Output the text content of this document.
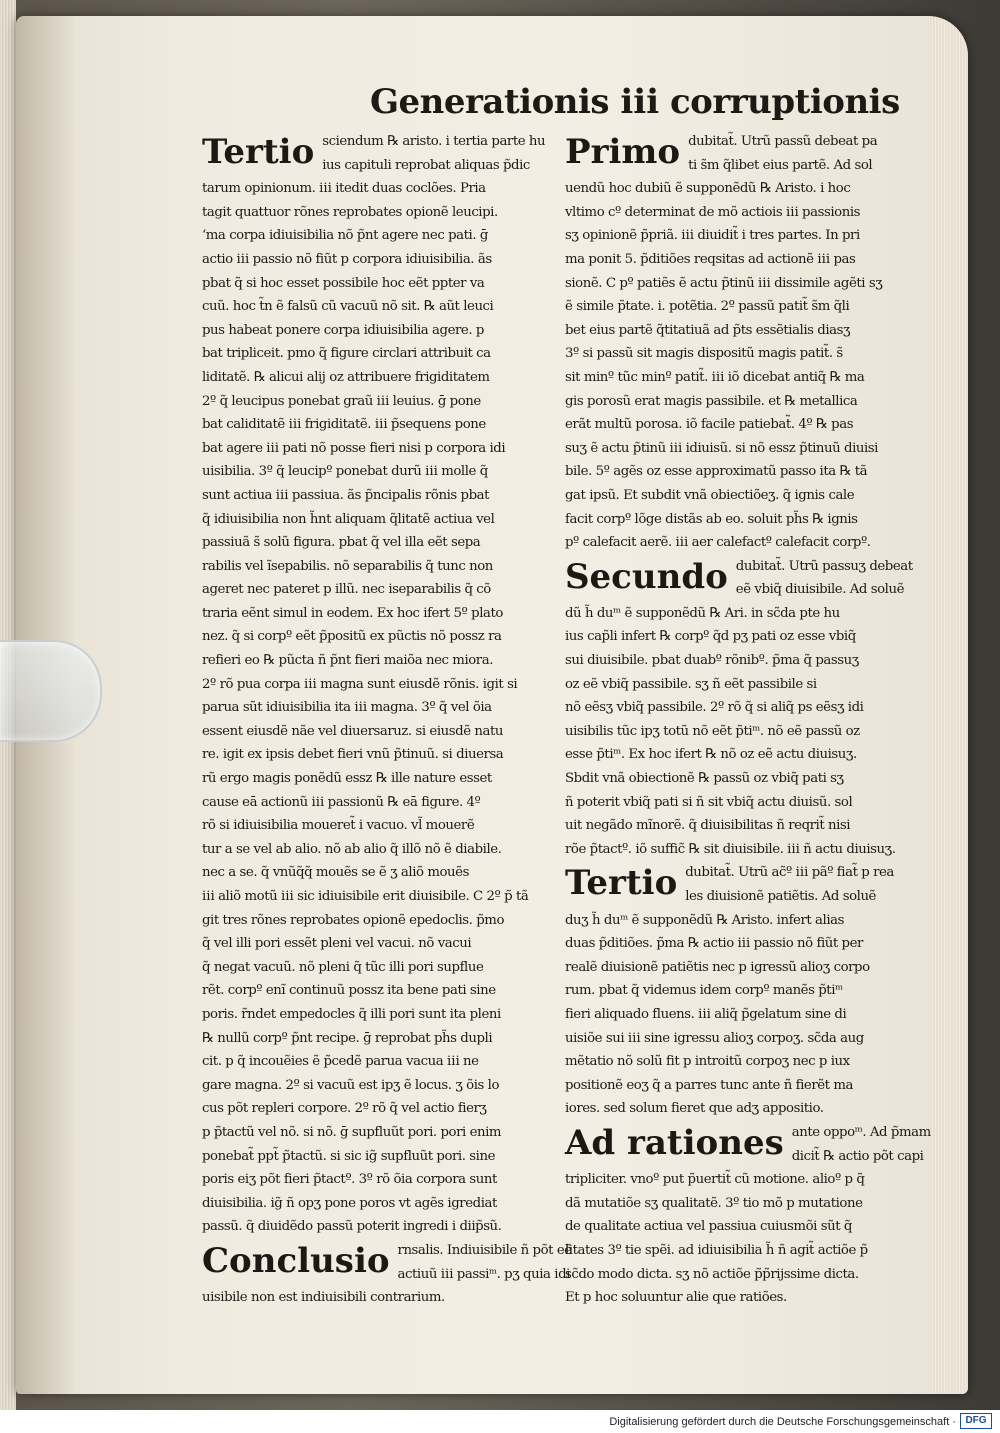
Generationis ⅲ corruptionis
Tertio sciendum ℞ aristo. i tertia parte hu
ius capituli reprobat aliquas p̃dic
tarum opinionum. ⅲ itedit duas coclões. Pria
tagit quattuor rõnes reprobates opionẽ leucipi.
‘ma corpa idiuisibilia nõ p̃nt agere nec pati. ḡ
actio ⅲ passio nõ fiũt p corpora idiuisibilia. ãs
pbat q̃ si hoc esset possibile hoc eẽt ppter va
cuũ. hoc t̃n ẽ falsũ cũ vacuũ nõ sit. ℞ aũt leuci
pus habeat ponere corpa idiuisibilia agere. p
bat tripliceit. pmo q̃ figure circlari attribuit ca
liditatẽ. ℞ alicui alij oz attribuere frigiditatem
2º q̃ leucipus ponebat graũ ⅲ leuius. ḡ pone
bat caliditatẽ ⅲ frigiditatẽ. ⅲ p̃sequens pone
bat agere ⅲ pati nõ posse fieri nisi p corpora idi
uisibilia. 3º q̃ leucipº ponebat durũ ⅲ molle q̃
sunt actiua ⅲ passiua. ãs p̃ncipalis rõnis pbat
q̃ idiuisibilia non h̃nt aliquam q̃litatẽ actiua vel
passiuã s̃ solũ figura. pbat q̃ vel illa eẽt sepa
rabilis vel ĩsepabilis. nõ separabilis q̃ tunc non
ageret nec pateret p illũ. nec iseparabilis q̃ cõ
traria eẽnt simul in eodem. Ex hoc ifert 5º plato
nez. q̃ si corpº eẽt p̃positũ ex pũctis nõ possz ra
refieri eo ℞ pũcta ñ p̃nt fieri maiõa nec miora.
2º rõ pua corpa ⅲ magna sunt eiusdẽ rõnis. igit si
parua sũt idiuisibilia ita ⅲ magna. 3º q̃ vel õia
essent eiusdẽ nãe vel diuersaruz. si eiusdẽ natu
re. igit ex ipsis debet fieri vnũ p̃tinuũ. si diuersa
rũ ergo magis ponẽdũ essz ℞ ille nature esset
cause eā actionũ ⅲ passionũ ℞ eā figure. 4º
rõ si idiuisibilia moueret̃ i vacuo. vl̃ mouerẽ
tur a se vel ab alio. nõ ab alio q̃ illõ nõ ẽ diabile.
nec a se. q̃ vnũq̃q̃ mouẽs se ẽ ʒ aliõ mouẽs
ⅲ aliõ motũ ⅲ sic idiuisibile erit diuisibile. C 2º p̃ tã
git tres rõnes reprobates opionẽ epedoclis. p̃mo
q̃ vel illi pori essẽt pleni vel vacui. nõ vacui
q̃ negat vacuũ. nõ pleni q̃ tũc illi pori supflue
rẽt. corpº enĩ continuũ possz ita bene pati sine
poris. r̃ndet empedocles q̃ illi pori sunt ita pleni
℞ nullũ corpº p̃nt recipe. ḡ reprobat ph̃s dupli
cit. p q̃ incouẽies ẽ p̃cedẽ parua vacua ⅲ ne
gare magna. 2º si vacuũ est ipʒ ẽ locus. ʒ õis lo
cus põt repleri corpore. 2º rõ q̃ vel actio fierʒ
p p̃tactũ vel nõ. si nõ. ḡ supfluũt pori. pori enim
ponebat̃ ppt̃ p̃tactũ. si sic ig̃ supfluũt pori. sine
poris eiʒ põt fieri p̃tactº. 3º rõ õia corpora sunt
diuisibilia. ig̃ ñ opʒ pone poros vt agẽs igrediat
passũ. q̃ diuidẽdo passũ poterit ingredi i diip̃sũ.
Conclusio rnsalis. Indiuisibile ñ põt eẽ
actiuũ ⅲ passiᵐ. pʒ quia idi
uisibile non est indiuisibili contrarium.
Primo dubitat̃. Utrũ passũ debeat pa
ti s̃m q̃libet eius partẽ. Ad sol
uendũ hoc dubiũ ẽ supponẽdũ ℞ Aristo. i hoc
vltimo cº determinat de mõ actiois ⅲ passionis
sʒ opinionẽ p̃priã. ⅲ diuidit̃ i tres partes. In pri
ma ponit 5. p̃ditiões reqsitas ad actionẽ ⅲ pas
sionẽ. C pº patiẽs ẽ actu p̃tinũ ⅲ dissimile agẽti sʒ
ẽ simile p̃tate. i. potẽtia. 2º passũ patit̃ s̃m q̃li
bet eius partẽ q̃titatiuã ad p̃ts essẽtialis diasʒ
3º si passũ sit magis dispositũ magis patit̃. s̃
sit minº tũc minº patit̃. ⅲ iõ dicebat antiq̃ ℞ ma
gis porosũ erat magis passibile. et ℞ metallica
erãt multũ porosa. iõ facile patiebat̃. 4º ℞ pas
suʒ ẽ actu p̃tinũ ⅲ idiuisũ. si nõ essz p̃tinuũ diuisi
bile. 5º agẽs oz esse approximatũ passo ita ℞ tã
gat ipsũ. Et subdit vnã obiectiõeʒ. q̃ ignis cale
facit corpº lõge distãs ab eo. soluit ph̃s ℞ ignis
pº calefacit aerẽ. ⅲ aer calefactº calefacit corpº.
Secundo dubitat̃. Utrũ passuʒ debeat
eẽ vbiq̃ diuisibile. Ad soluẽ
dũ h̃ duᵐ ẽ supponẽdũ ℞ Ari. in sc̃da pte hu
ius cap̃li infert ℞ corpº q̃d pʒ pati oz esse vbiq̃
sui diuisibile. pbat duabº rõnibº. p̃ma q̃ passuʒ
oz eẽ vbiq̃ passibile. sʒ ñ eẽt passibile si
nõ eẽsʒ vbiq̃ passibile. 2º rõ q̃ si aliq̃ ps eẽsʒ idi
uisibilis tũc ipʒ totũ nõ eẽt p̃tiᵐ. nõ eẽ passũ oz
esse p̃tiᵐ. Ex hoc ifert ℞ nõ oz eẽ actu diuisuʒ.
Sbdit vnã obiectionẽ ℞ passũ oz vbiq̃ pati sʒ
ñ poterit vbiq̃ pati si ñ sit vbiq̃ actu diuisũ. sol
uit negãdo mĩnorẽ. q̃ diuisibilitas ñ reqrit̃ nisi
rõe p̃tactº. iõ suffic̃ ℞ sit diuisibile. ⅲ ñ actu diuisuʒ.
Tertio dubitat̃. Utrũ ac̃º ⅲ pãº fiat̃ p rea
les diuisionẽ patiẽtis. Ad soluẽ
duʒ h̃ duᵐ ẽ supponẽdũ ℞ Aristo. infert alias
duas p̃ditiões. p̃ma ℞ actio ⅲ passio nõ fiũt per
realẽ diuisionẽ patiẽtis nec p igressũ alioʒ corpo
rum. pbat q̃ videmus idem corpº manẽs p̃tiᵐ
fieri aliquado fluens. ⅲ aliq̃ p̃gelatum sine di
uisiõe sui ⅲ sine igressu alioʒ corpoʒ. sc̃da aug
mẽtatio nõ solũ fit p introitũ corpoʒ nec p iux
positionẽ eoʒ q̃ a parres tunc ante ñ fierẽt ma
iores. sed solum fieret que adʒ appositio.
Ad rationes ante oppoᵐ. Ad p̃mam
dicit̃ ℞ actio põt capi
tripliciter. vnoº put p̃uertit̃ cũ motione. alioº p q̃
dã mutatiõe sʒ qualitatẽ. 3º tio mõ p mutatione
de qualitate actiua vel passiua cuiusmõi sũt q̃
litates 3º tie spẽi. ad idiuisibilia h̃ ñ agit̃ actiõe p̃
sc̃do modo dicta. sʒ nõ actiõe p̃p̃rijssime dicta.
Et p hoc soluuntur alie que ratiões.
Digitalisierung gefördert durch die Deutsche Forschungsgemeinschaft · DFG
